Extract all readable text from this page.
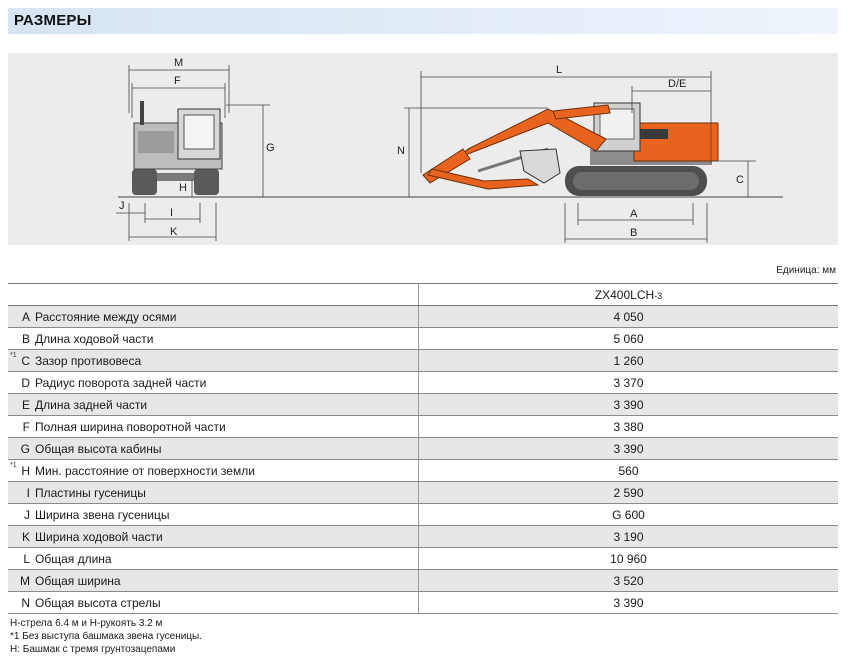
РАЗМЕРЫ
M
F
G
H
J
I
K
L
D/E
N
C
A
B
Единица: мм
	ZX400LCH-3

A Расстояние между осями	4 050

B Длина ходовой части	5 060

*1 C Зазор противовеса	1 260

D Радиус поворота задней части	3 370

E Длина задней части	3 390

F Полная ширина поворотной части	3 380

G Общая высота кабины	3 390

*1 H Мин. расстояние от поверхности земли	560

I Пластины гусеницы	2 590

J Ширина звена гусеницы	G 600

K Ширина ходовой части	3 190

L Общая длина	10 960

M Общая ширина	3 520

N Общая высота стрелы	3 390
Н-стрела 6.4 м и Н-рукоять 3.2 м
*1 Без выступа башмака звена гусеницы.
Н: Башмак с тремя грунтозацепами
